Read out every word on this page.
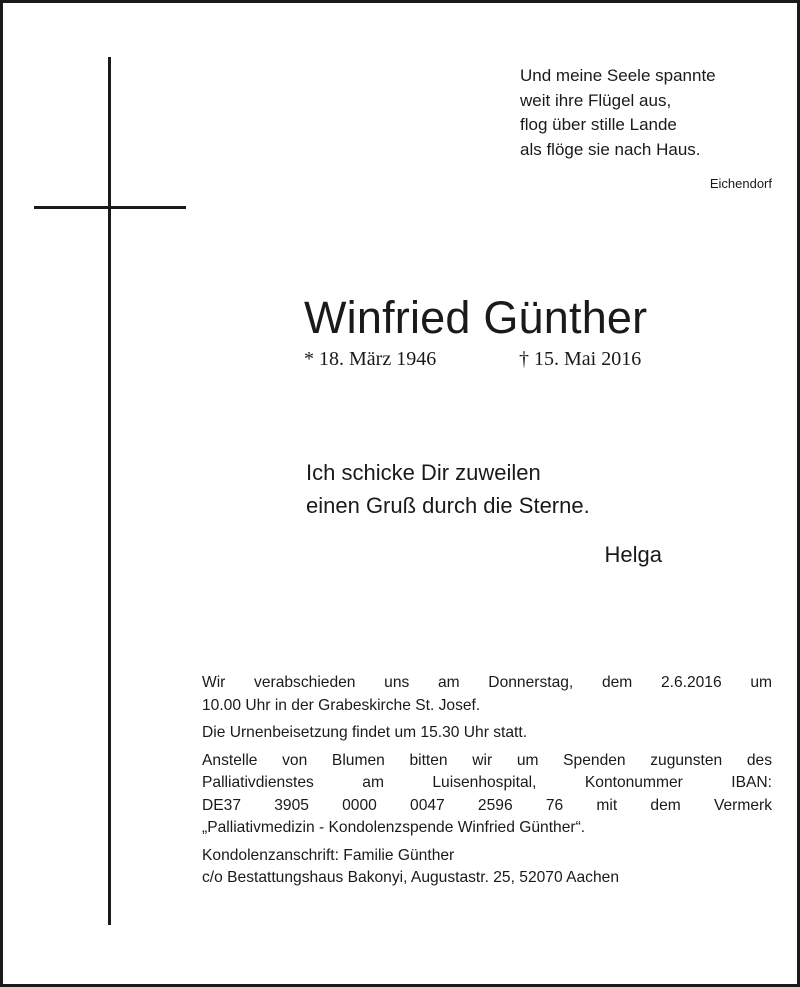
Und meine Seele spannte
weit ihre Flügel aus,
flog über stille Lande
als flöge sie nach Haus.
Eichendorf
Winfried Günther
* 18. März 1946	† 15. Mai 2016
Ich schicke Dir zuweilen
einen Gruß durch die Sterne.
Helga
Wir verabschieden uns am Donnerstag, dem 2.6.2016 um
10.00 Uhr in der Grabeskirche St. Josef.
Die Urnenbeisetzung findet um 15.30 Uhr statt.
Anstelle von Blumen bitten wir um Spenden zugunsten des
Palliativdienstes am Luisenhospital, Kontonummer IBAN:
DE37 3905 0000 0047 2596 76 mit dem Vermerk
„Palliativmedizin - Kondolenzspende Winfried Günther“.
Kondolenzanschrift: Familie Günther
c/o Bestattungshaus Bakonyi, Augustastr. 25, 52070 Aachen
